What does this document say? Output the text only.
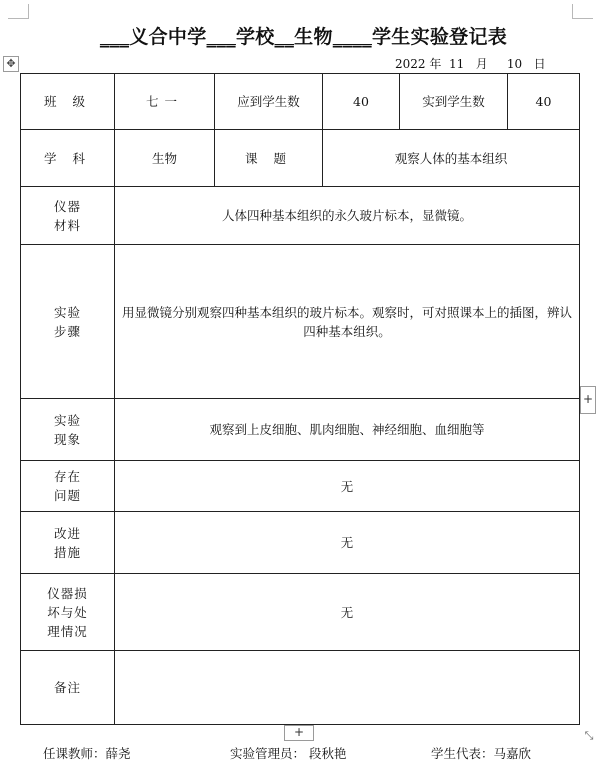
✥
___义合中学___学校__生物____学生实验登记表
2022 年 11 月 10 日
班 级	七一	应到学生数	40	实到学生数	40
学 科	生物	课 题	观察人体的基本组织		

仪器
材料	人体四种基本组织的永久玻片标本，显微镜。				

实验
步骤	用显微镜分别观察四种基本组织的玻片标本。观察时，可对照课本上的插图，辨认四种基本组织。				

实验
现象	观察到上皮细胞、肌肉细胞、神经细胞、血细胞等				

存在
问题	无				

改进
措施	无				

仪器损
坏与处
理情况	无				
备注					
+
+	⤡
任课教师：薛尧	实验管理员： 段秋艳	学生代表：马嘉欣
